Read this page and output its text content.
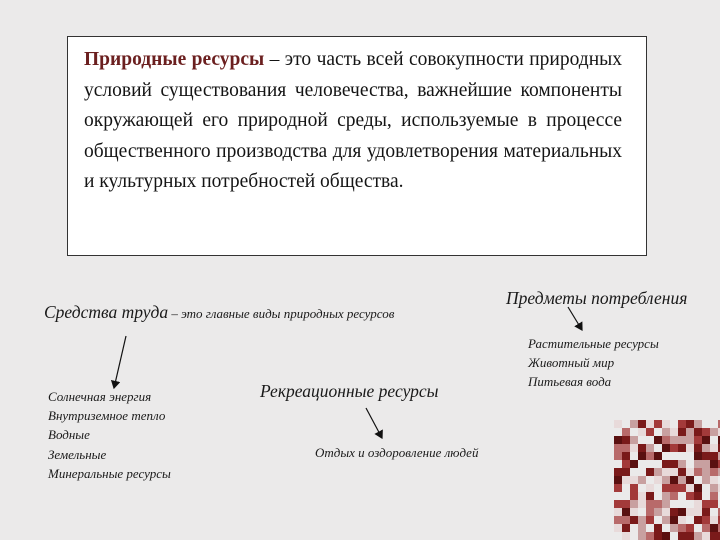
Природные ресурсы – это часть всей совокупности природных условий существования человечества, важнейшие компоненты окружающей его природной среды, используемые в процессе общественного производства для удовлетворения материальных и культурных потребностей общества.
Средства труда – это главные виды природных ресурсов
Предметы потребления
Рекреационные ресурсы
Отдых и оздоровление людей
Солнечная энергия
Внутриземное тепло
Водные
Земельные
Минеральные ресурсы
Растительные ресурсы
Животный мир
Питьевая вода
